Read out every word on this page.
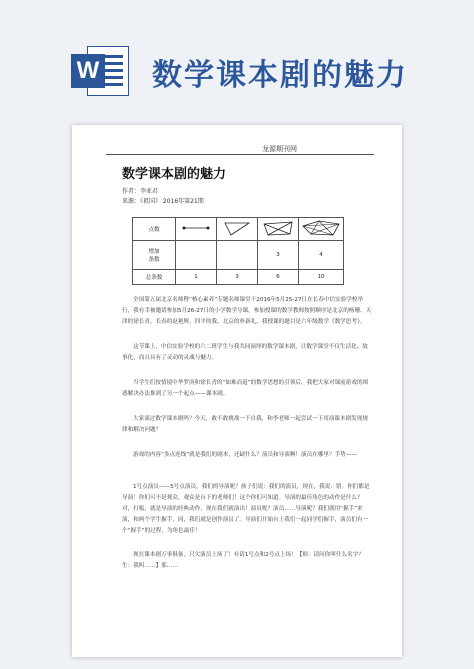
W 数学课本剧的魅力
龙源期刊网
数学课本剧的魅力
作者：李亚君
来源：《祖国》 2016年第21期
点数				

增加
条数			3	4
总条数	1	3	6	10
全国第五届北京名师暨“核心素养”专题名师课堂于2016年5月25-27日在长春中信实验学校举行，我有幸被邀请参加5月26-27日的小学数学分课，参加授课的数学教师按照顺序是北京的杨珊、天津的徐长青、长春的赵艳辉、四平的我、北京的朴新礼，我授课的题目是六年级数学《数学思考》。
这节课上，中信实验学校的六二班学生与我共同演绎的数学课本剧，让数学课堂不仅生活化、故事化，而且具有了灵动的灵魂与魅力。
当学生们按情境中华罗庚和徐长青的“如难而退”的数学思想的引领后，我把大家对课前游戏的困惑解决办法推到了另一个起点——课本剧。
大家演过数学课本剧吗？今天，敢不敢挑战一下自我，和李老师一起尝试一下用演课本剧发现规律和解决问题？
游戏的内容“多点连线”就是我们的剧本，还缺什么？演员和导演啊！演员在哪里？手势——
1号点演员——5号点演员，我们的导演呢？孩子们说：我们的演员，现在，我说：错。你们都是导演！你们可不是观众，观众是台下的老师们！这个你们可知道。导演的最佳角色的动作是什么？对，打板，就是导演的经典动作，现在我们就演出！演员呢？演员……导演呢？我们就用“握手”来演，和两个学生握手，同，我们就是创作演员了。导演们开始台上我们一起同学们握手，演员们有一个“握手”的过程，为角色最佳！
现在课本剧万事俱备，只欠演员上场了！有请1号点和2号点上场！【师：请问你叫什么名字？生：我叫……】那……
